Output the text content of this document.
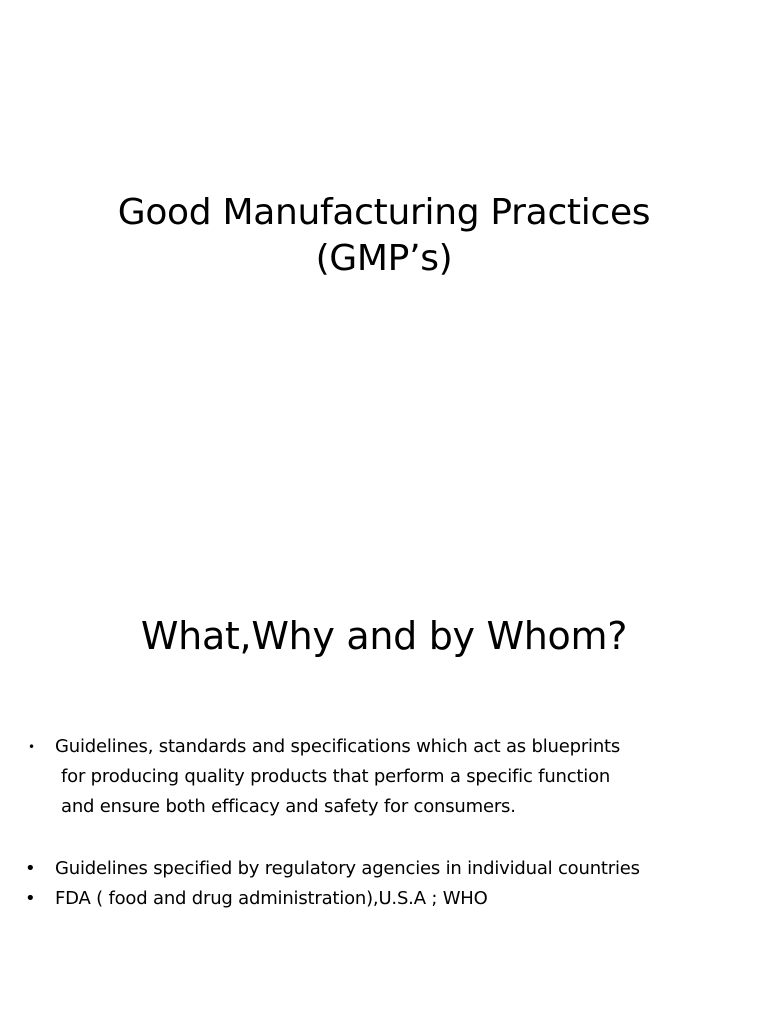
Good Manufacturing Practices
(GMP’s)
What,Why and by Whom?
• Guidelines, standards and specifications which act as blueprints
for producing quality products that perform a specific function
and ensure both efficacy and safety for consumers.
• Guidelines specified by regulatory agencies in individual countries
• FDA ( food and drug administration),U.S.A ; WHO
